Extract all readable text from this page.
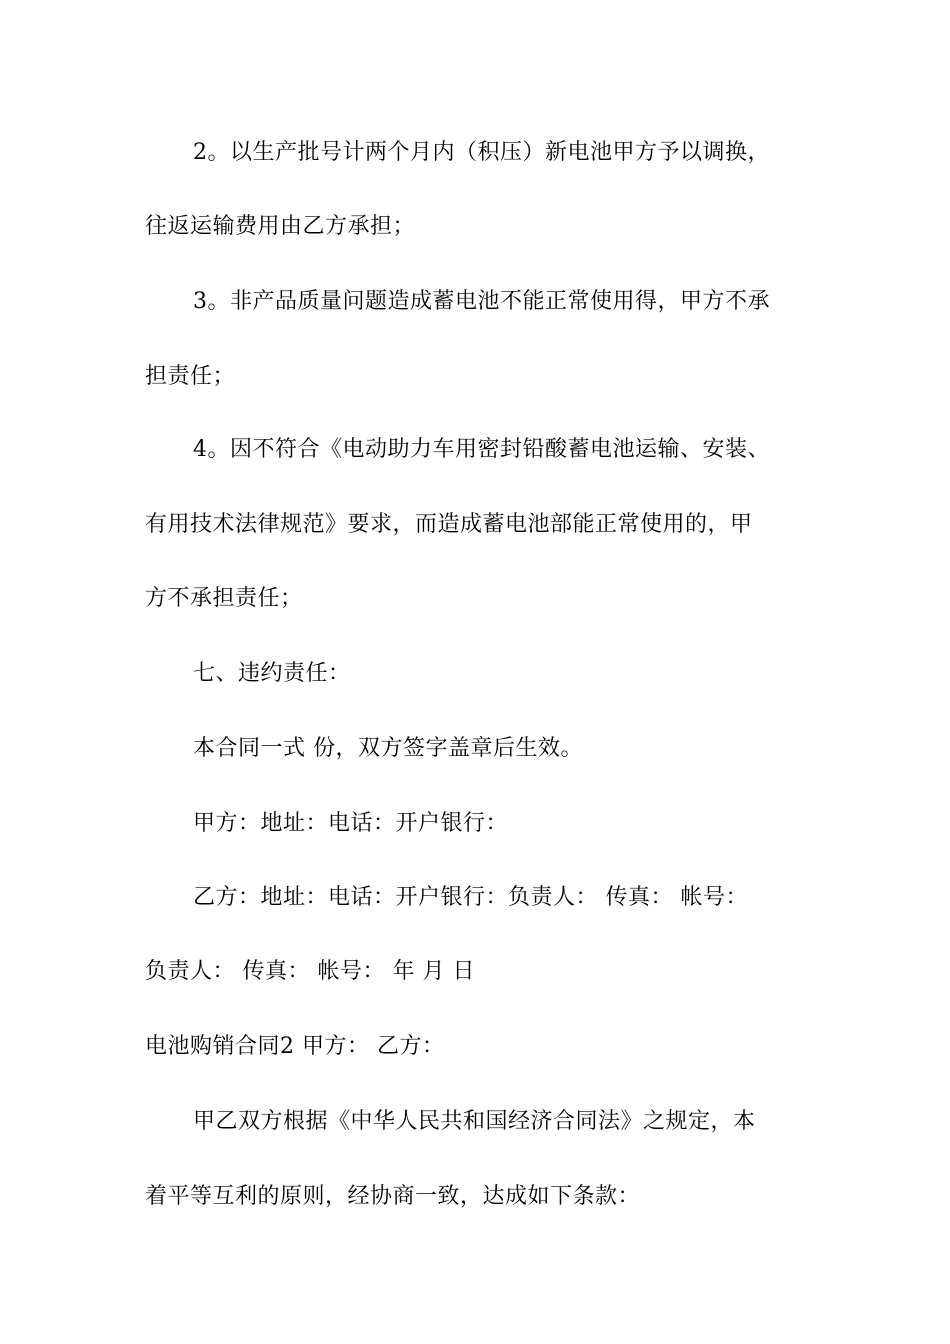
2。以生产批号计两个月内（积压）新电池甲方予以调换，
往返运输费用由乙方承担；
3。非产品质量问题造成蓄电池不能正常使用得，甲方不承
担责任；
4。因不符合《电动助力车用密封铅酸蓄电池运输、安装、
有用技术法律规范》要求，而造成蓄电池部能正常使用的，甲
方不承担责任；
七、违约责任：
本合同一式 份，双方签字盖章后生效。
甲方：地址：电话：开户银行：
乙方：地址：电话：开户银行：负责人： 传真： 帐号：
负责人： 传真： 帐号： 年 月 日
电池购销合同2 甲方： 乙方：
甲乙双方根据《中华人民共和国经济合同法》之规定，本
着平等互利的原则，经协商一致，达成如下条款：
